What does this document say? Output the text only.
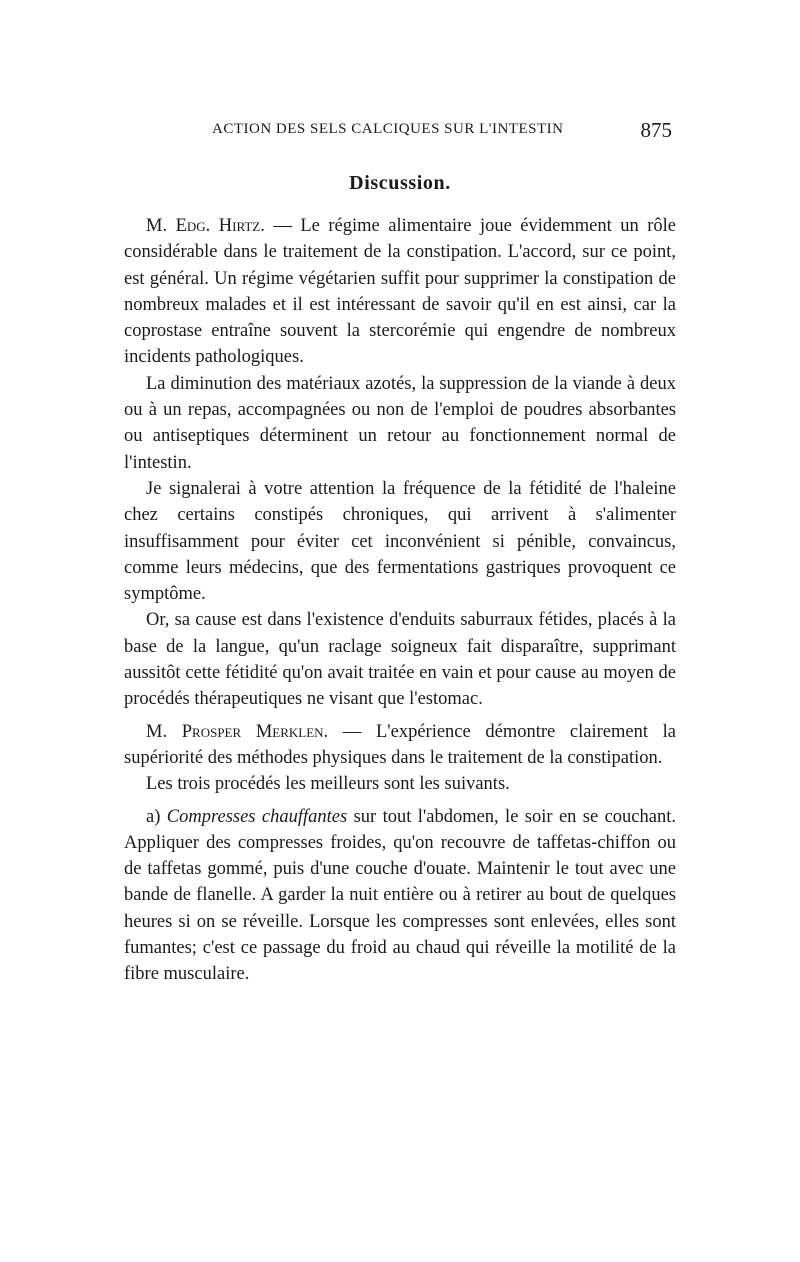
ACTION DES SELS CALCIQUES SUR L'INTESTIN	875
Discussion.

M. Edg. Hirtz. — Le régime alimentaire joue évidemment un rôle considérable dans le traitement de la constipation. L'accord, sur ce point, est général. Un régime végétarien suffit pour supprimer la constipation de nombreux malades et il est intéressant de savoir qu'il en est ainsi, car la coprostase entraîne souvent la stercorémie qui engendre de nombreux incidents pathologiques.

La diminution des matériaux azotés, la suppression de la viande à deux ou à un repas, accompagnées ou non de l'emploi de poudres absorbantes ou antiseptiques déterminent un retour au fonctionnement normal de l'intestin.

Je signalerai à votre attention la fréquence de la fétidité de l'haleine chez certains constipés chroniques, qui arrivent à s'alimenter insuffisamment pour éviter cet inconvénient si pénible, convaincus, comme leurs médecins, que des fermentations gastriques provoquent ce symptôme.

Or, sa cause est dans l'existence d'enduits saburraux fétides, placés à la base de la langue, qu'un raclage soigneux fait disparaître, supprimant aussitôt cette fétidité qu'on avait traitée en vain et pour cause au moyen de procédés thérapeutiques ne visant que l'estomac.

M. Prosper Merklen. — L'expérience démontre clairement la supériorité des méthodes physiques dans le traitement de la constipation.

Les trois procédés les meilleurs sont les suivants.

a) Compresses chauffantes sur tout l'abdomen, le soir en se couchant. Appliquer des compresses froides, qu'on recouvre de taffetas-chiffon ou de taffetas gommé, puis d'une couche d'ouate. Maintenir le tout avec une bande de flanelle. A garder la nuit entière ou à retirer au bout de quelques heures si on se réveille. Lorsque les compresses sont enlevées, elles sont fumantes; c'est ce passage du froid au chaud qui réveille la motilité de la fibre musculaire.
